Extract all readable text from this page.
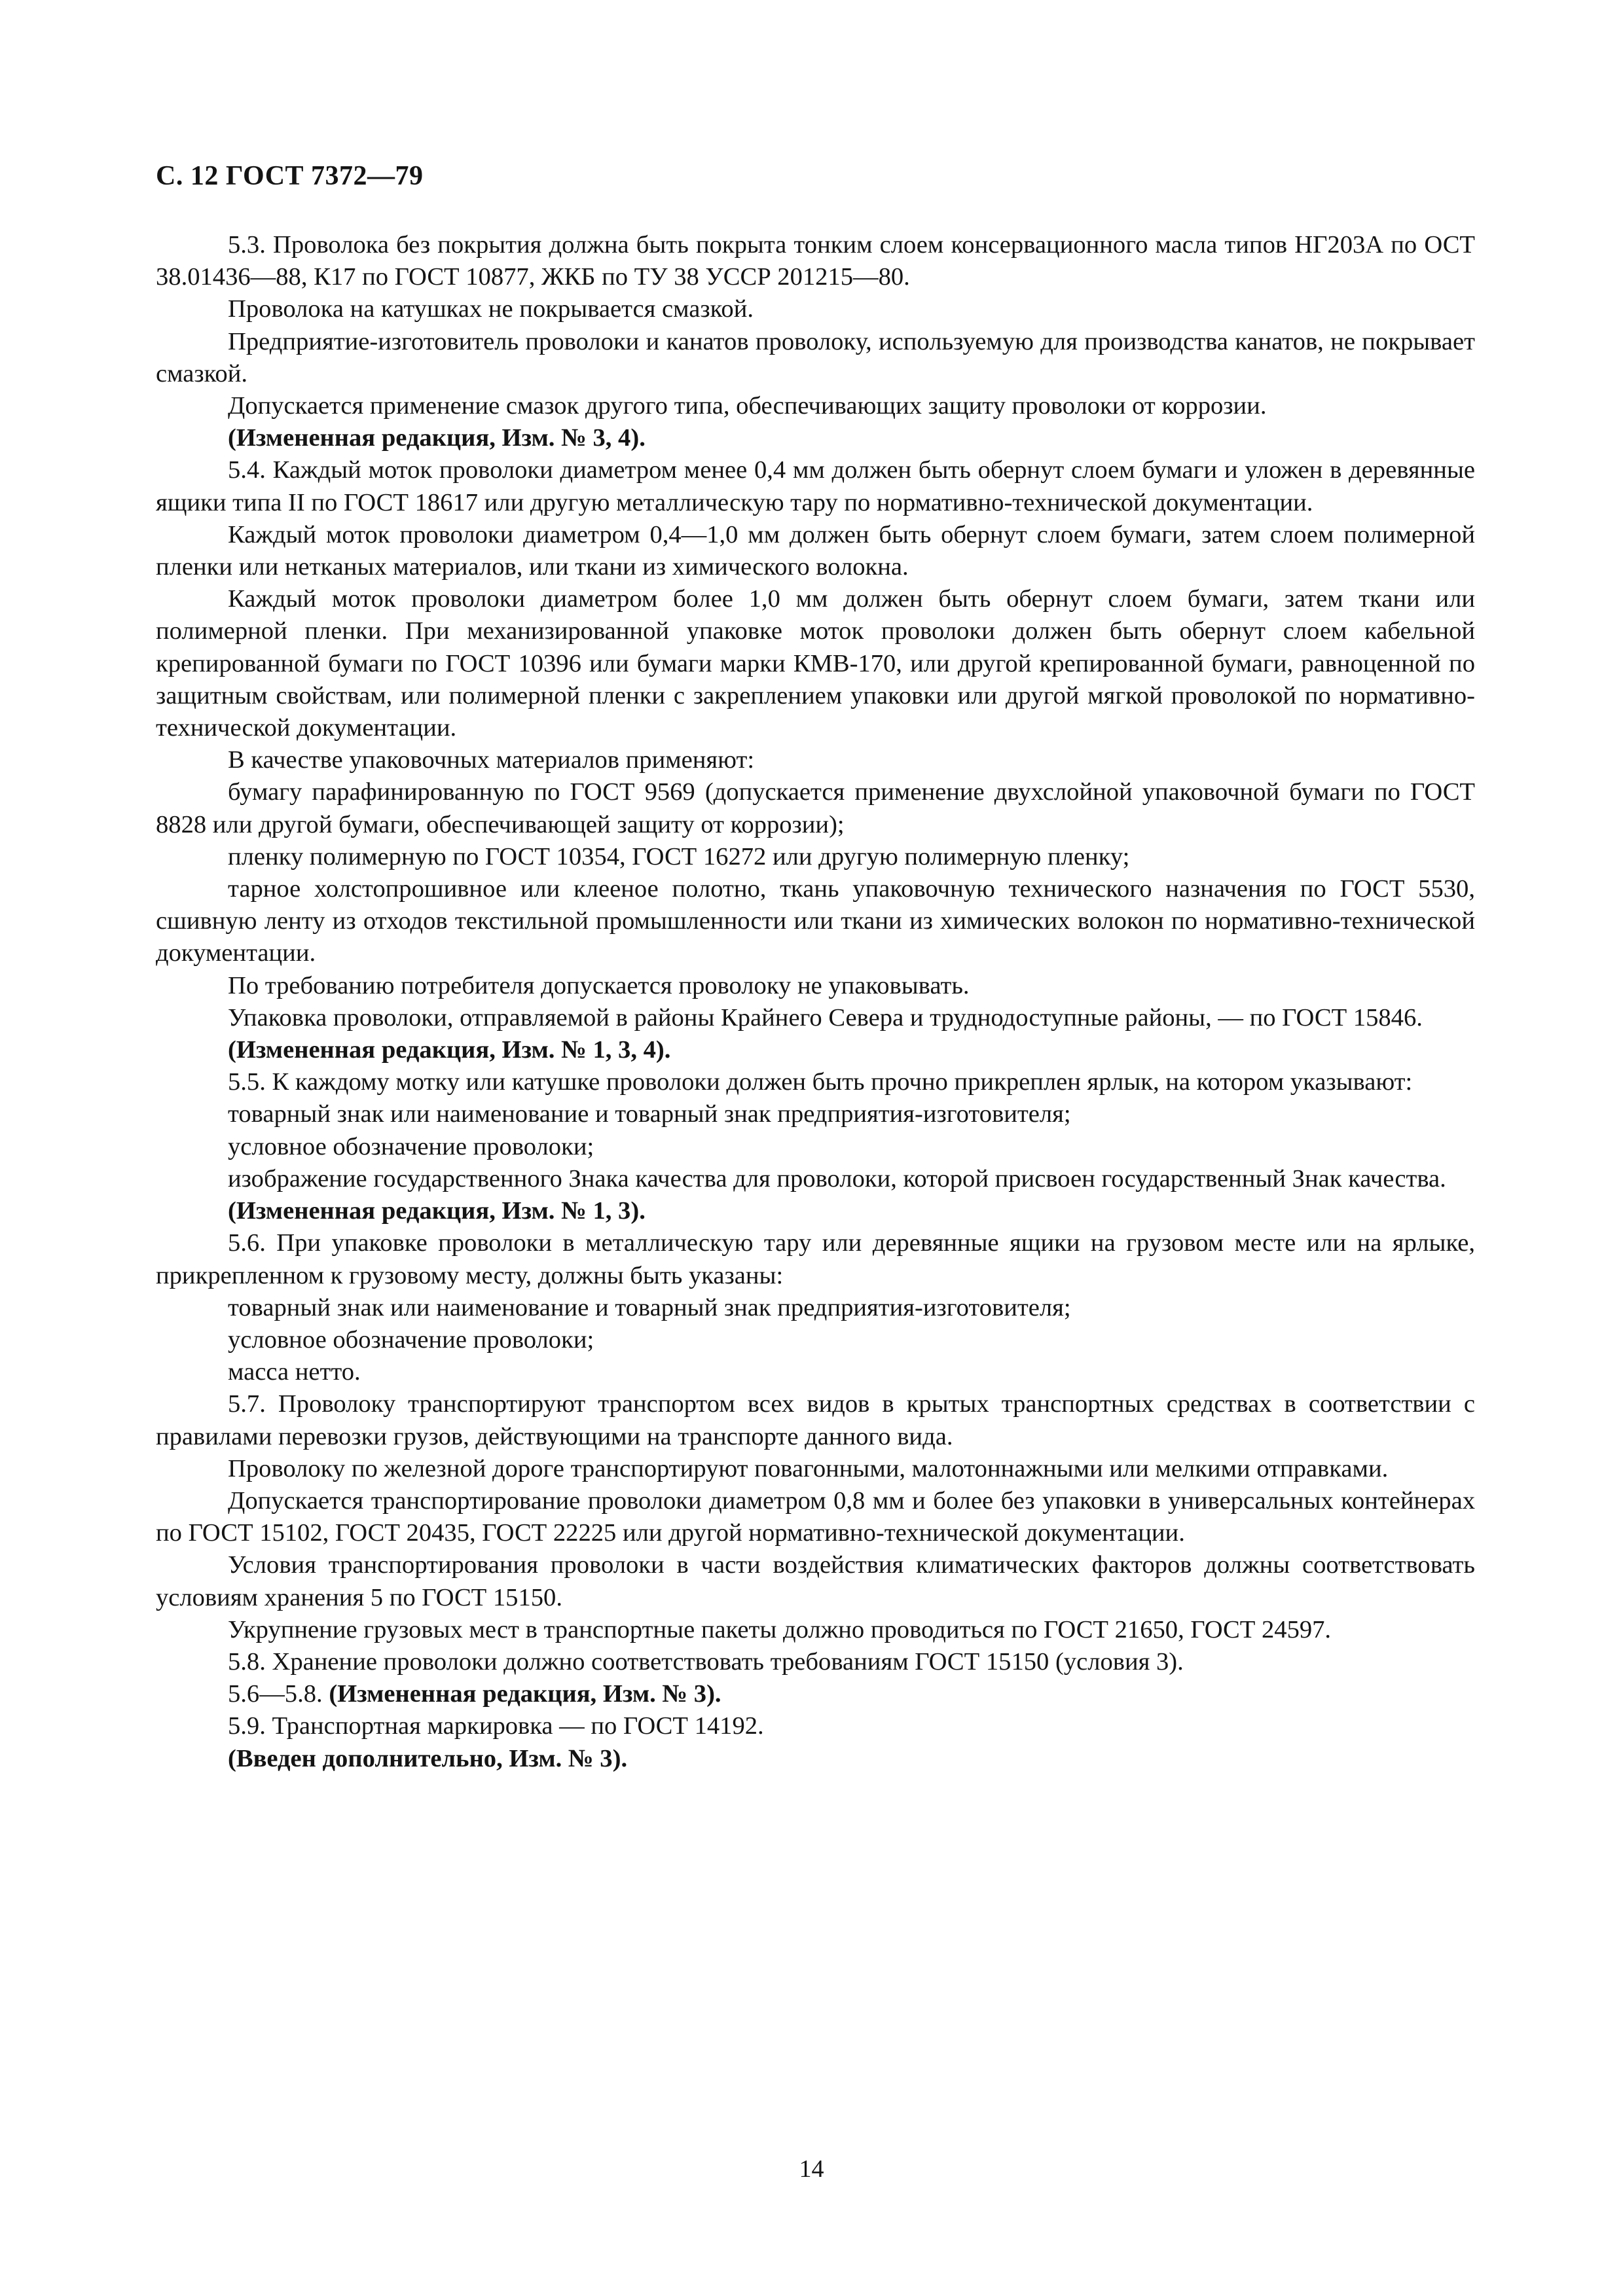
С. 12 ГОСТ 7372—79

5.3. Проволока без покрытия должна быть покрыта тонким слоем консервационного масла типов НГ203А по ОСТ 38.01436—88, К17 по ГОСТ 10877, ЖКБ по ТУ 38 УССР 201215—80.

Проволока на катушках не покрывается смазкой.

Предприятие-изготовитель проволоки и канатов проволоку, используемую для производства канатов, не покрывает смазкой.

Допускается применение смазок другого типа, обеспечивающих защиту проволоки от коррозии.

(Измененная редакция, Изм. № 3, 4).

5.4. Каждый моток проволоки диаметром менее 0,4 мм должен быть обернут слоем бумаги и уложен в деревянные ящики типа II по ГОСТ 18617 или другую металлическую тару по нормативно-технической документации.

Каждый моток проволоки диаметром 0,4—1,0 мм должен быть обернут слоем бумаги, затем слоем полимерной пленки или нетканых материалов, или ткани из химического волокна.

Каждый моток проволоки диаметром более 1,0 мм должен быть обернут слоем бумаги, затем ткани или полимерной пленки. При механизированной упаковке моток проволоки должен быть обернут слоем кабельной крепированной бумаги по ГОСТ 10396 или бумаги марки КМВ-170, или другой крепированной бумаги, равноценной по защитным свойствам, или полимерной пленки с закреплением упаковки или другой мягкой проволокой по нормативно-технической документации.

В качестве упаковочных материалов применяют:

бумагу парафинированную по ГОСТ 9569 (допускается применение двухслойной упаковочной бумаги по ГОСТ 8828 или другой бумаги, обеспечивающей защиту от коррозии);

пленку полимерную по ГОСТ 10354, ГОСТ 16272 или другую полимерную пленку;

тарное холстопрошивное или клееное полотно, ткань упаковочную технического назначения по ГОСТ 5530, сшивную ленту из отходов текстильной промышленности или ткани из химических волокон по нормативно-технической документации.

По требованию потребителя допускается проволоку не упаковывать.

Упаковка проволоки, отправляемой в районы Крайнего Севера и труднодоступные районы, — по ГОСТ 15846.

(Измененная редакция, Изм. № 1, 3, 4).

5.5. К каждому мотку или катушке проволоки должен быть прочно прикреплен ярлык, на котором указывают:

товарный знак или наименование и товарный знак предприятия-изготовителя;

условное обозначение проволоки;

изображение государственного Знака качества для проволоки, которой присвоен государственный Знак качества.

(Измененная редакция, Изм. № 1, 3).

5.6. При упаковке проволоки в металлическую тару или деревянные ящики на грузовом месте или на ярлыке, прикрепленном к грузовому месту, должны быть указаны:

товарный знак или наименование и товарный знак предприятия-изготовителя;

условное обозначение проволоки;

масса нетто.

5.7. Проволоку транспортируют транспортом всех видов в крытых транспортных средствах в соответствии с правилами перевозки грузов, действующими на транспорте данного вида.

Проволоку по железной дороге транспортируют повагонными, малотоннажными или мелкими отправками.

Допускается транспортирование проволоки диаметром 0,8 мм и более без упаковки в универсальных контейнерах по ГОСТ 15102, ГОСТ 20435, ГОСТ 22225 или другой нормативно-технической документации.

Условия транспортирования проволоки в части воздействия климатических факторов должны соответствовать условиям хранения 5 по ГОСТ 15150.

Укрупнение грузовых мест в транспортные пакеты должно проводиться по ГОСТ 21650, ГОСТ 24597.

5.8. Хранение проволоки должно соответствовать требованиям ГОСТ 15150 (условия 3).

5.6—5.8. (Измененная редакция, Изм. № 3).

5.9. Транспортная маркировка — по ГОСТ 14192.

(Введен дополнительно, Изм. № 3).

14
